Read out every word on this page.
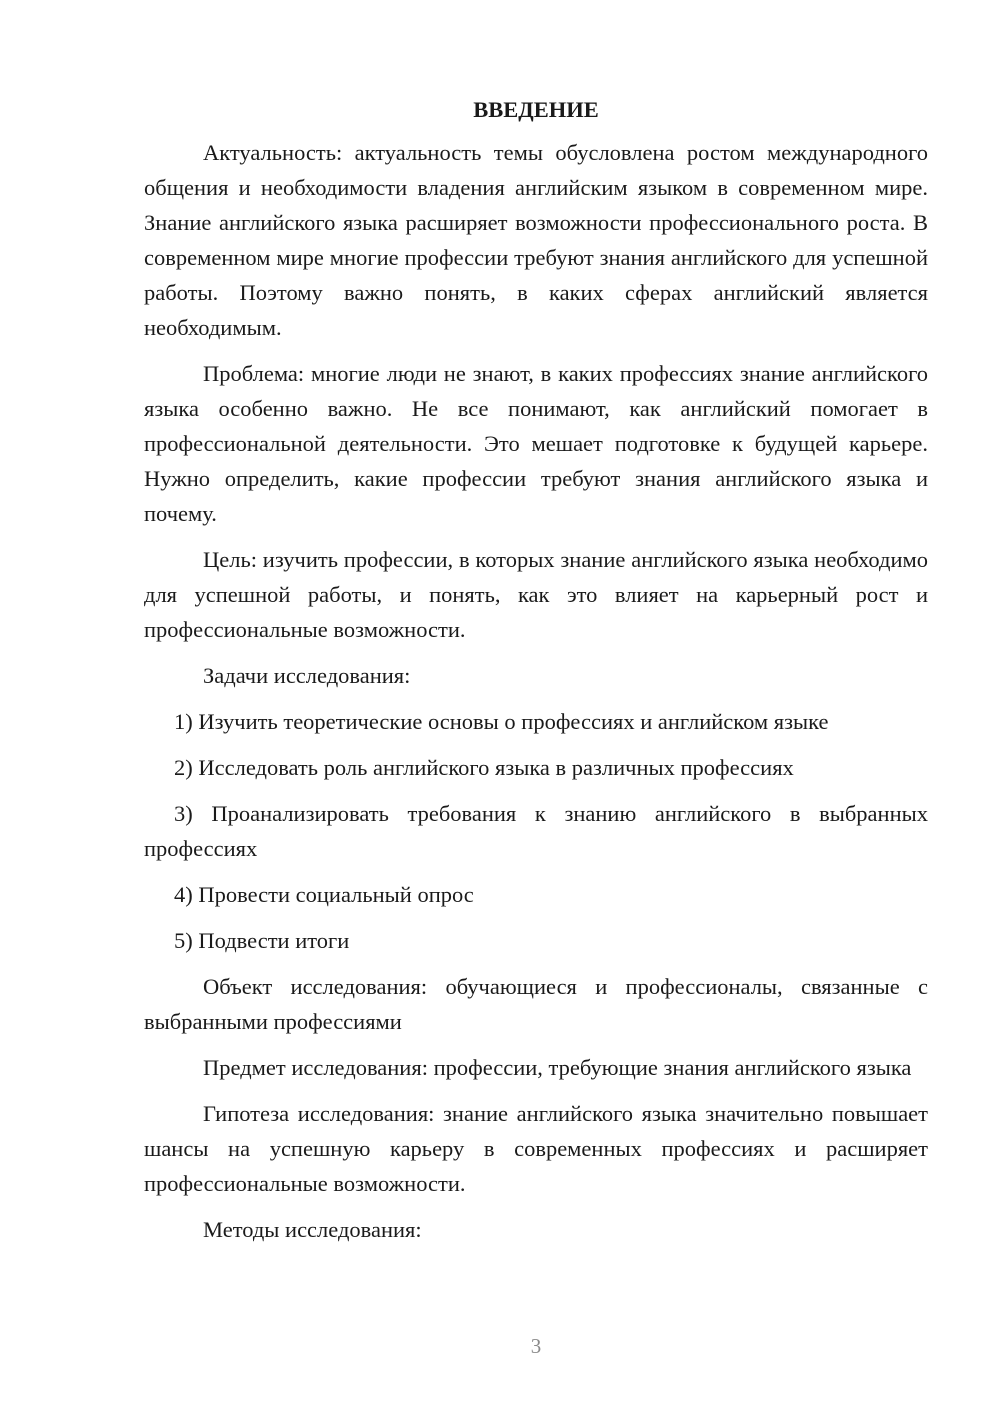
ВВЕДЕНИЕ

Актуальность: актуальность темы обусловлена ростом международного общения и необходимости владения английским языком в современном мире. Знание английского языка расширяет возможности профессионального роста. В современном мире многие профессии требуют знания английского для успешной работы. Поэтому важно понять, в каких сферах английский является необходимым.

Проблема: многие люди не знают, в каких профессиях знание английского языка особенно важно. Не все понимают, как английский помогает в профессиональной деятельности. Это мешает подготовке к будущей карьере. Нужно определить, какие профессии требуют знания английского языка и почему.

Цель: изучить профессии, в которых знание английского языка необходимо для успешной работы, и понять, как это влияет на карьерный рост и профессиональные возможности.

Задачи исследования:

1) Изучить теоретические основы о профессиях и английском языке

2) Исследовать роль английского языка в различных профессиях

3) Проанализировать требования к знанию английского в выбранных профессиях

4) Провести социальный опрос

5) Подвести итоги

Объект исследования: обучающиеся и профессионалы, связанные с выбранными профессиями

Предмет исследования: профессии, требующие знания английского языка

Гипотеза исследования: знание английского языка значительно повышает шансы на успешную карьеру в современных профессиях и расширяет профессиональные возможности.

Методы исследования:

3
